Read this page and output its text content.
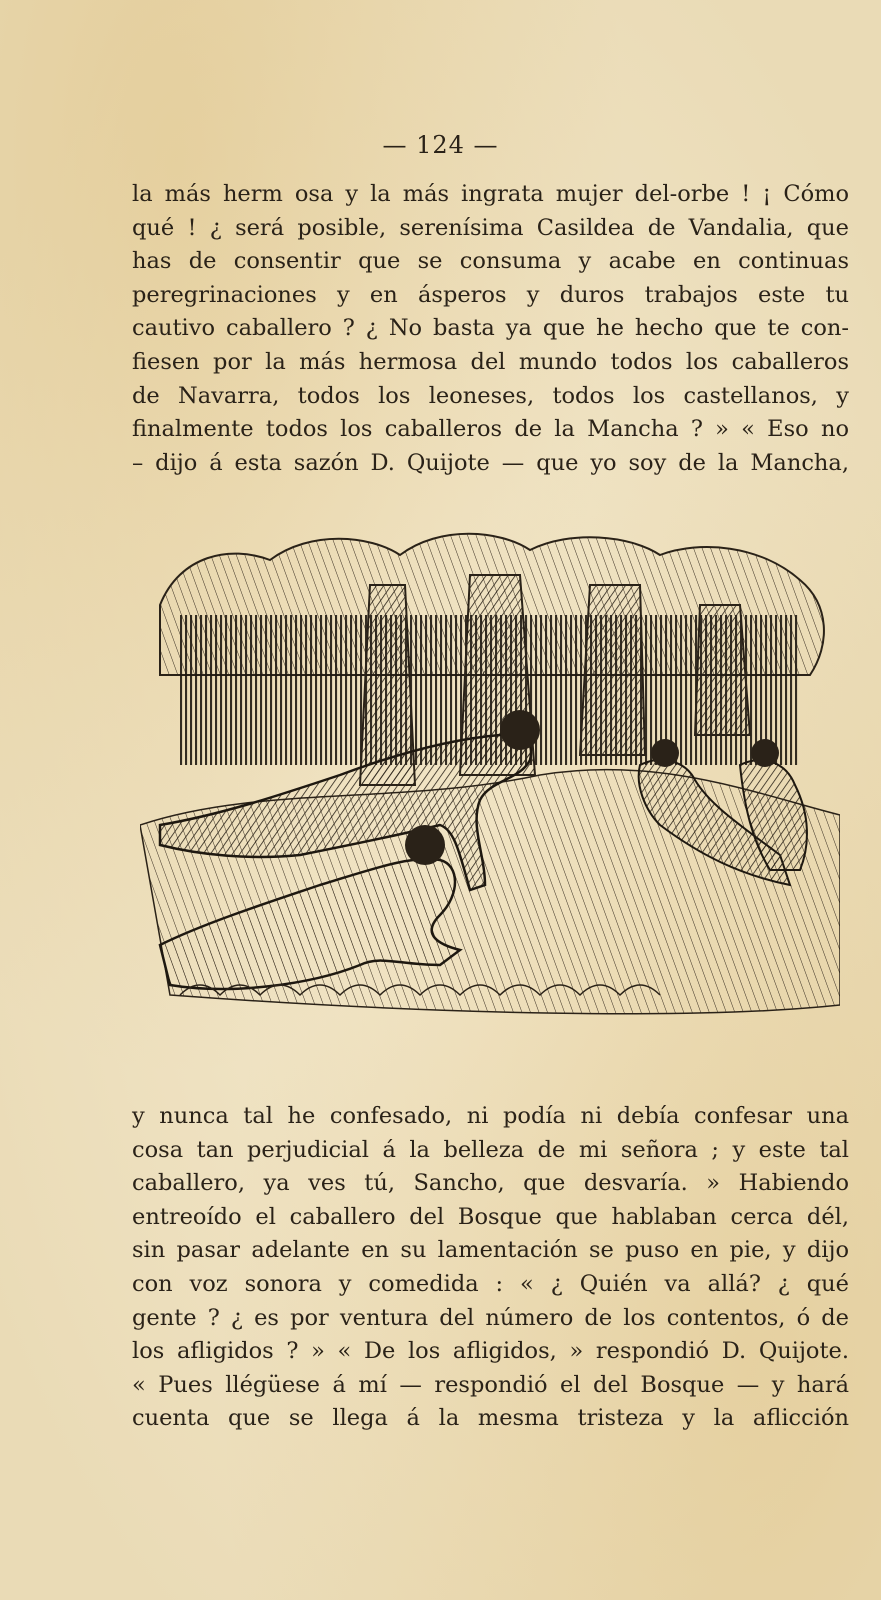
— 124 —
la más herm osa y la más ingrata mujer del-orbe ! ¡ Cómo
qué ! ¿ será posible, serenísima Casildea de Vandalia, que
has de consentir que se consuma y acabe en continuas
peregrinaciones y en ásperos y duros trabajos este tu
cautivo caballero ? ¿ No basta ya que he hecho que te con-
fiesen por la más hermosa del mundo todos los caballeros
de Navarra, todos los leoneses, todos los castellanos, y
finalmente todos los caballeros de la Mancha ? » « Eso no
– dijo á esta sazón D. Quijote — que yo soy de la Mancha,
y nunca tal he confesado, ni podía ni debía confesar una
cosa tan perjudicial á la belleza de mi señora ; y este tal
caballero, ya ves tú, Sancho, que desvaría. » Habiendo
entreoído el caballero del Bosque que hablaban cerca dél,
sin pasar adelante en su lamentación se puso en pie, y dijo
con voz sonora y comedida : « ¿ Quién va allá? ¿ qué
gente ? ¿ es por ventura del número de los contentos, ó de
los afligidos ? » « De los afligidos, » respondió D. Quijote.
« Pues llégüese á mí — respondió el del Bosque — y hará
cuenta que se llega á la mesma tristeza y la aflicción
